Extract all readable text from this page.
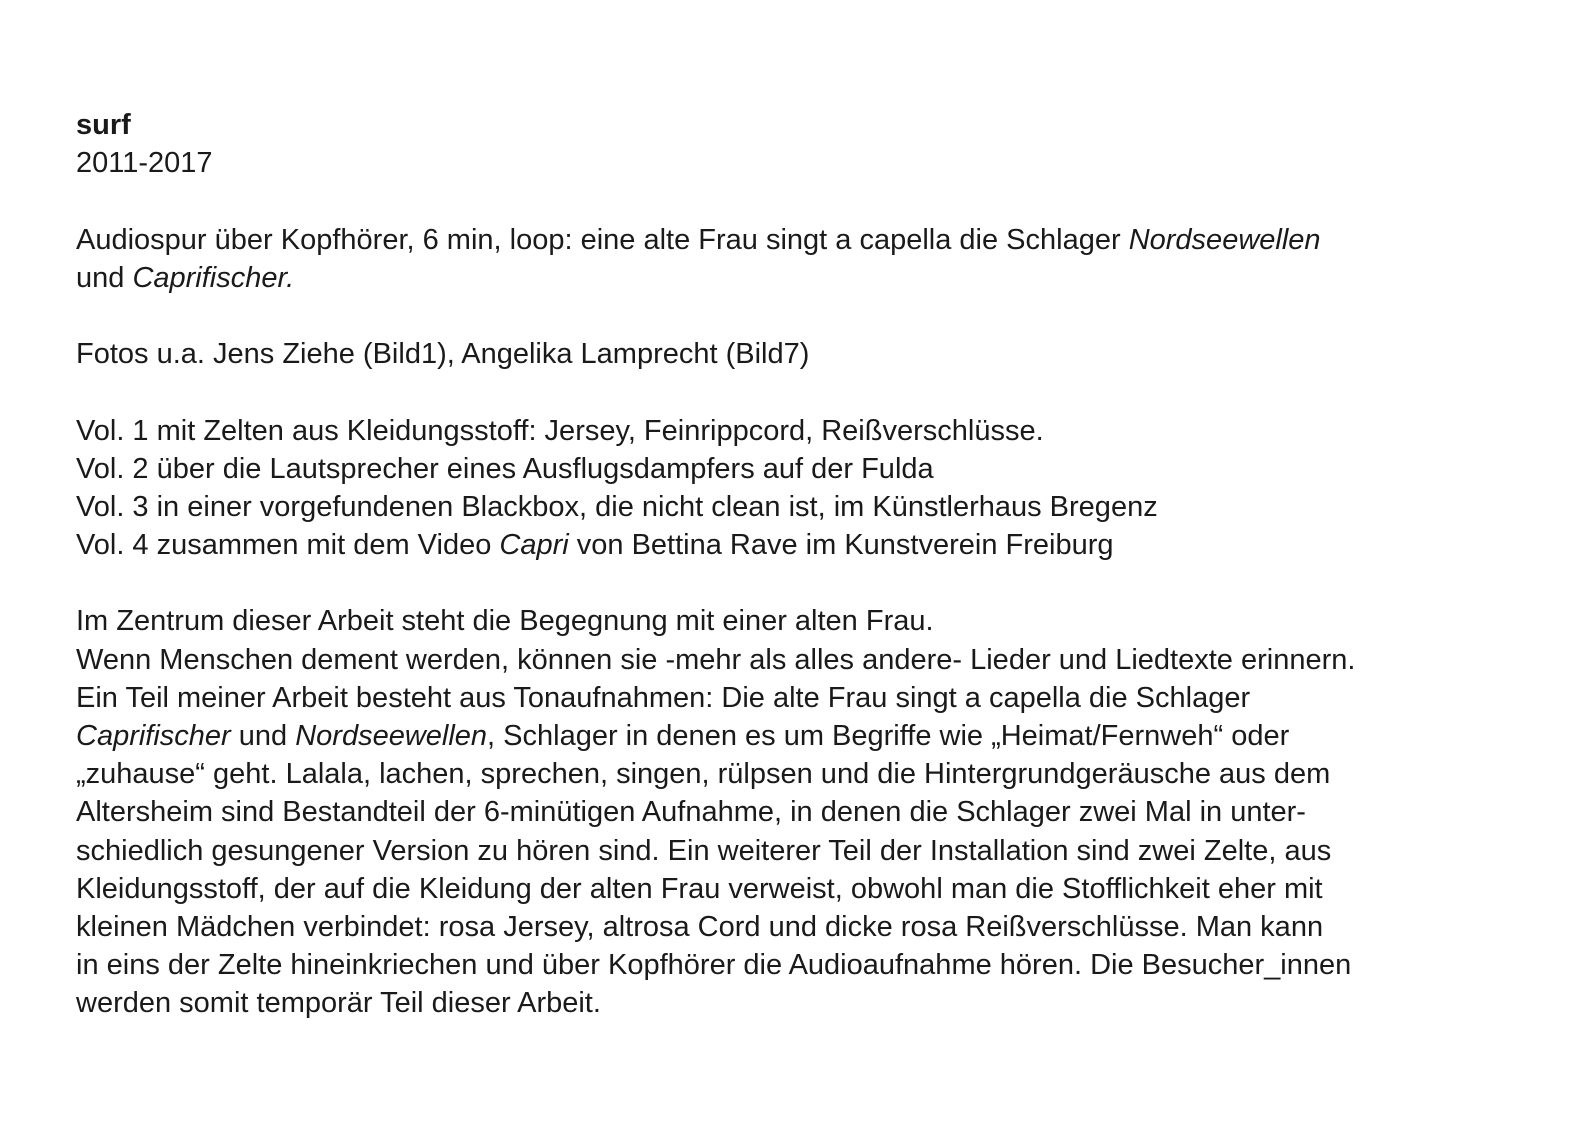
surf
2011-2017
Audiospur über Kopfhörer, 6 min, loop: eine alte Frau singt a capella die Schlager Nordseewellen
und Caprifischer.
Fotos u.a. Jens Ziehe (Bild1), Angelika Lamprecht (Bild7)
Vol. 1 mit Zelten aus Kleidungsstoff: Jersey, Feinrippcord, Reißverschlüsse.
Vol. 2 über die Lautsprecher eines Ausflugsdampfers auf der Fulda
Vol. 3 in einer vorgefundenen Blackbox, die nicht clean ist, im Künstlerhaus Bregenz
Vol. 4 zusammen mit dem Video Capri von Bettina Rave im Kunstverein Freiburg
Im Zentrum dieser Arbeit steht die Begegnung mit einer alten Frau.
Wenn Menschen dement werden, können sie -mehr als alles andere- Lieder und Liedtexte erinnern.
Ein Teil meiner Arbeit besteht aus Tonaufnahmen: Die alte Frau singt a capella die Schlager
Caprifischer und Nordseewellen, Schlager in denen es um Begriffe wie „Heimat/Fernweh“ oder
„zuhause“ geht. Lalala, lachen, sprechen, singen, rülpsen und die Hintergrundgeräusche aus dem
Altersheim sind Bestandteil der 6-minütigen Aufnahme, in denen die Schlager zwei Mal in unter-
schiedlich gesungener Version zu hören sind. Ein weiterer Teil der Installation sind zwei Zelte, aus
Kleidungsstoff, der auf die Kleidung der alten Frau verweist, obwohl man die Stofflichkeit eher mit
kleinen Mädchen verbindet: rosa Jersey, altrosa Cord und dicke rosa Reißverschlüsse. Man kann
in eins der Zelte hineinkriechen und über Kopfhörer die Audioaufnahme hören. Die Besucher_innen
werden somit temporär Teil dieser Arbeit.
